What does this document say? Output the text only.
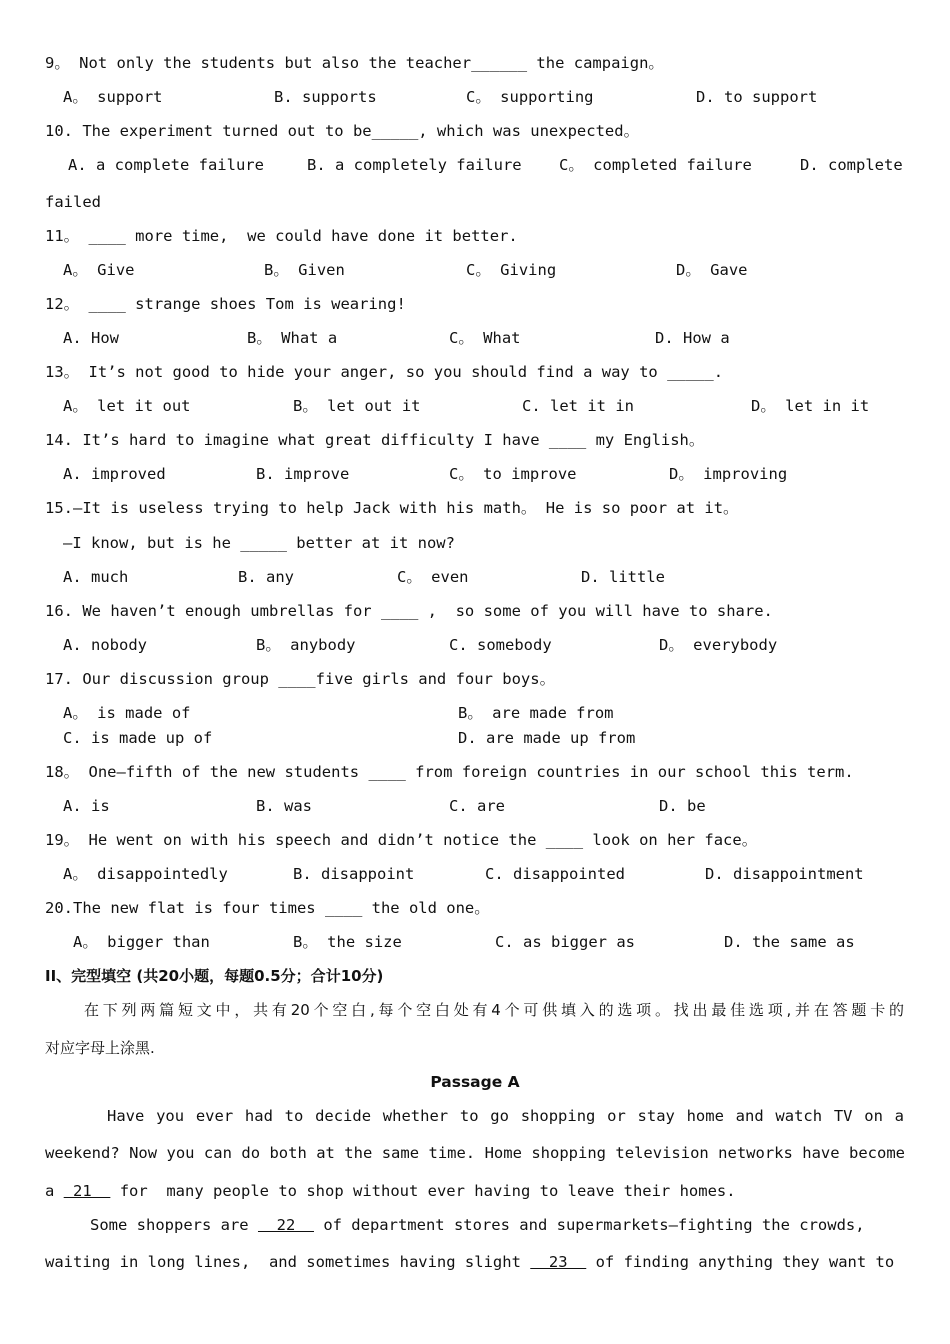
9。 Not only the students but also the teacher______ the campaign。
A。 support	B. supports	C。 supporting	D. to support
10. The experiment turned out to be_____, which was unexpected。
A. a complete failure	B. a completely failure C。 completed failure	D. complete
failed
11。 ____ more time,  we could have done it better.
A。 Give	B。 Given	C。 Giving	D。 Gave
12。 ____ strange shoes Tom is wearing!
A. How	B。 What a	C。 What	D. How a
13。 It’s not good to hide your anger, so you should find a way to _____.
A。 let it out	B。 let out it	C. let it in	D。 let in it
14. It’s hard to imagine what great difficulty I have ____ my English。
A. improved	B. improve	C。 to improve	D。 improving
15.—It is useless trying to help Jack with his math。 He is so poor at it。
—I know, but is he _____ better at it now?
A. much	B. any	C。 even	D. little
16. We haven’t enough umbrellas for ____ ,  so some of you will have to share.
A. nobody	B。 anybody	C. somebody	D。 everybody
17. Our discussion group ____five girls and four boys。
A。 is made of	B。 are made from
C. is made up of	D. are made up from
18。 One—fifth of the new students ____ from foreign countries in our school this term.
A. is	B. was	C. are	D. be
19。 He went on with his speech and didn’t notice the ____ look on her face。
A。 disappointedly	B. disappoint	C. disappointed	D. disappointment
20.The new flat is four times ____ the old one。
A。 bigger than	B。 the size	C. as bigger as	D. the same as
II、完型填空 (共20小题，每题0.5分；合计10分)
在下列两篇短文中，共有20个空白,每个空白处有4个可供填入的选项。找出最佳选项,并在答题卡的
对应字母上涂黑.
Passage A
Have you ever had to decide whether to go shopping or stay home and watch TV on a
weekend? Now you can do both at the same time. Home shopping television networks have become
a  21   for  many people to shop without ever having to leave their homes.
Some shoppers are   22   of department stores and supermarkets—fighting the crowds,
waiting in long lines,  and sometimes having slight   23   of finding anything they want to
